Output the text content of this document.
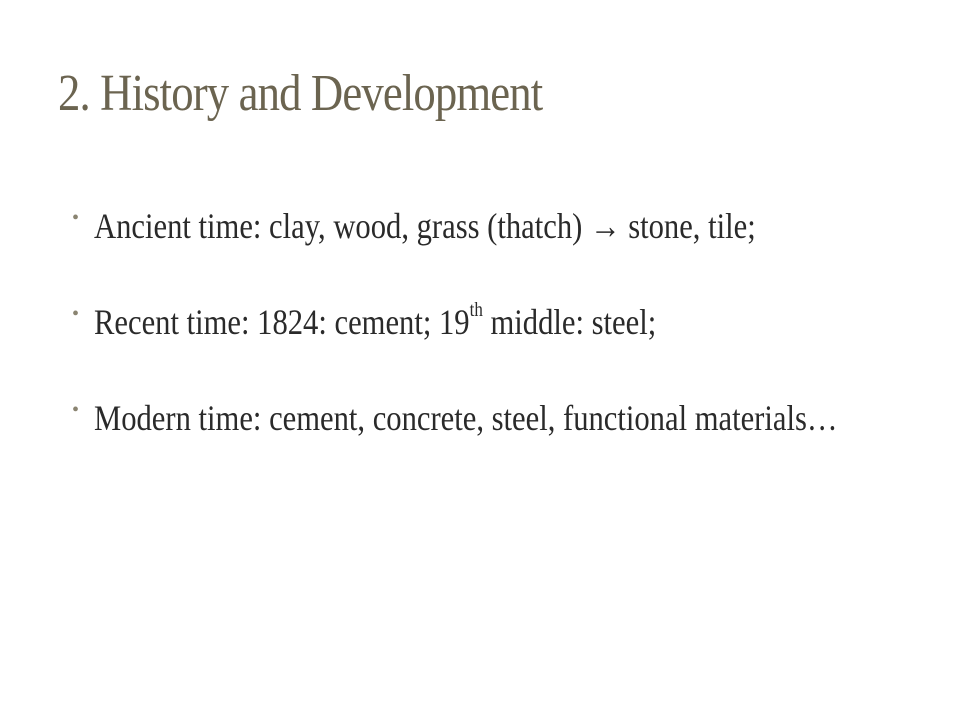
2. History and Development
• Ancient time: clay, wood, grass (thatch) → stone, tile;
• Recent time: 1824: cement; 19th middle: steel;
• Modern time: cement, concrete, steel, functional materials…
